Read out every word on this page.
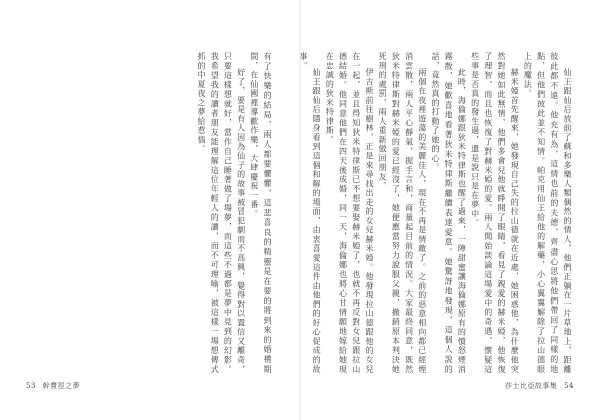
有了快樂的結局，兩人都要懼懼，這悲喜良的精靈是在要的將到來的婚禮期間，在仙國裡導歡作樂，大肆慶祝一番。

好了，要是有人因為仙子的故事被冒犯劇而不高興，覺得對以置信又離奇，只要這樣想就好，當作自己睡著做了場夢，而這些不過都是夢中見到的幻影。我希望我的讀者朋友能理解這位年輕人的讀，而不可理喻，被這樣一場想傳式抓的中夏夜之夢給惹惱。

53 幹賣徑之夢

仙王跟仙后放前了蘇和多樂人類偶然的情人，他們正躺在一片草地上，距離彼此都不遠。他充有為，這情也前的夫德，齊盡心思將他們帶回了同樣的地點，但他們彼此並不知情。帕克用仙王給他的解藥，小心翼翼解除了拉山德眼上的魔法。

赫米婭首先醒來，她發現自己失的拉山德就在近處，她困惑他，為什麼他突然對她如此無情，他們多會兒他就睜開了眼睛，看見了親愛的赫米婭，他恢復了理智，而且也恢復了對赫米婭的愛。兩人開始談論這場愛中的奇遇，懷疑這些事是否真的發生過，還是說只是在夢中。

此時，海倫娜跟狄米特律斯也醒了過來，一陣甜蜜讓海倫娜原有的憤怒煙消霧散，她歡喜地看著狄米特律斯繼續表達愛意。她驚訝地發現，這個人說的話，竟然真的打動了她的心。

兩個在夜裡遊蕩的美麗佳人，現在不再是情敵了。之前的惡意相向都已經煙消雲散，兩人平心靜氣，握手言和，商量起目前的情況。大家最終同意，既然狄米特律斯對赫米婭的愛已經沒了，她便應當努力說服父親，撤銷原本判決她死刑的處罰，兩人重新做回朋友。

伊吉斯前往樹林，正是來尋找出走的女兒赫米婭。他發現拉山德跟他的女兒在一起，並且得知狄米特律斯已不想要娶赫米婭了，也就不再反對女兒跟拉山德結婚。他同意他們在四天後成婚，同一天，海倫娜也將心甘情願地嫁給她現在忠誠的狄米特律斯。

仙王跟仙后隱身看到這個和解的場面，由衷喜愛這件由他們的好心促成的故事。

莎士比亞故事集 54
